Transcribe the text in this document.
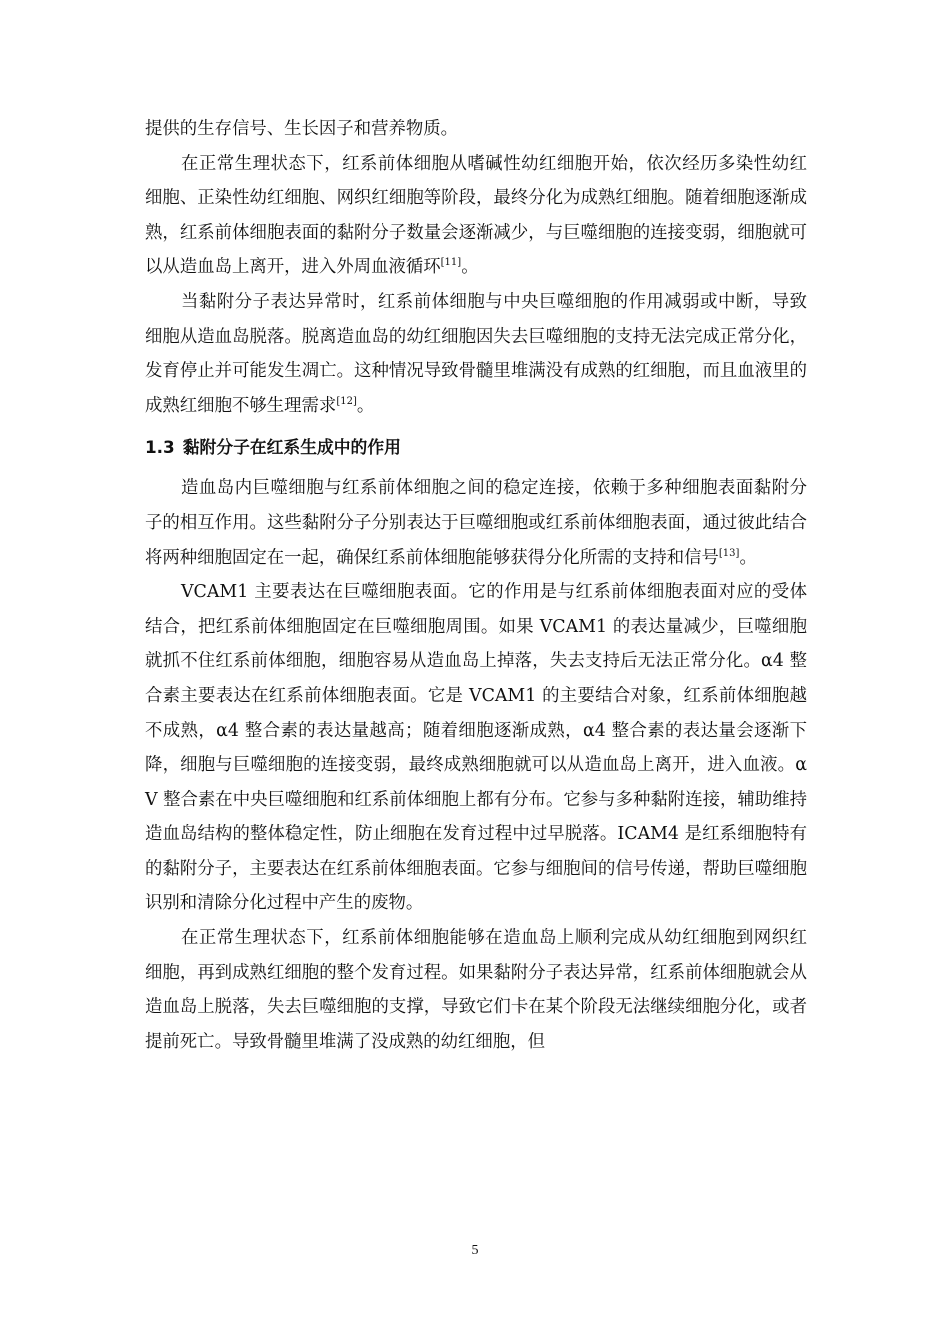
提供的生存信号、生长因子和营养物质。

在正常生理状态下，红系前体细胞从嗜碱性幼红细胞开始，依次经历多染性幼红细胞、正染性幼红细胞、网织红细胞等阶段，最终分化为成熟红细胞。随着细胞逐渐成熟，红系前体细胞表面的黏附分子数量会逐渐减少，与巨噬细胞的连接变弱，细胞就可以从造血岛上离开，进入外周血液循环[11]。

当黏附分子表达异常时，红系前体细胞与中央巨噬细胞的作用减弱或中断，导致细胞从造血岛脱落。脱离造血岛的幼红细胞因失去巨噬细胞的支持无法完成正常分化，发育停止并可能发生凋亡。这种情况导致骨髓里堆满没有成熟的红细胞，而且血液里的成熟红细胞不够生理需求[12]。

1.3 黏附分子在红系生成中的作用

造血岛内巨噬细胞与红系前体细胞之间的稳定连接，依赖于多种细胞表面黏附分子的相互作用。这些黏附分子分别表达于巨噬细胞或红系前体细胞表面，通过彼此结合将两种细胞固定在一起，确保红系前体细胞能够获得分化所需的支持和信号[13]。

VCAM1 主要表达在巨噬细胞表面。它的作用是与红系前体细胞表面对应的受体结合，把红系前体细胞固定在巨噬细胞周围。如果 VCAM1 的表达量减少，巨噬细胞就抓不住红系前体细胞，细胞容易从造血岛上掉落，失去支持后无法正常分化。α4 整合素主要表达在红系前体细胞表面。它是 VCAM1 的主要结合对象，红系前体细胞越不成熟，α4 整合素的表达量越高；随着细胞逐渐成熟，α4 整合素的表达量会逐渐下降，细胞与巨噬细胞的连接变弱，最终成熟细胞就可以从造血岛上离开，进入血液。αV 整合素在中央巨噬细胞和红系前体细胞上都有分布。它参与多种黏附连接，辅助维持造血岛结构的整体稳定性，防止细胞在发育过程中过早脱落。ICAM4 是红系细胞特有的黏附分子，主要表达在红系前体细胞表面。它参与细胞间的信号传递，帮助巨噬细胞识别和清除分化过程中产生的废物。

在正常生理状态下，红系前体细胞能够在造血岛上顺利完成从幼红细胞到网织红细胞，再到成熟红细胞的整个发育过程。如果黏附分子表达异常，红系前体细胞就会从造血岛上脱落，失去巨噬细胞的支撑，导致它们卡在某个阶段无法继续细胞分化，或者提前死亡。导致骨髓里堆满了没成熟的幼红细胞，但

5
